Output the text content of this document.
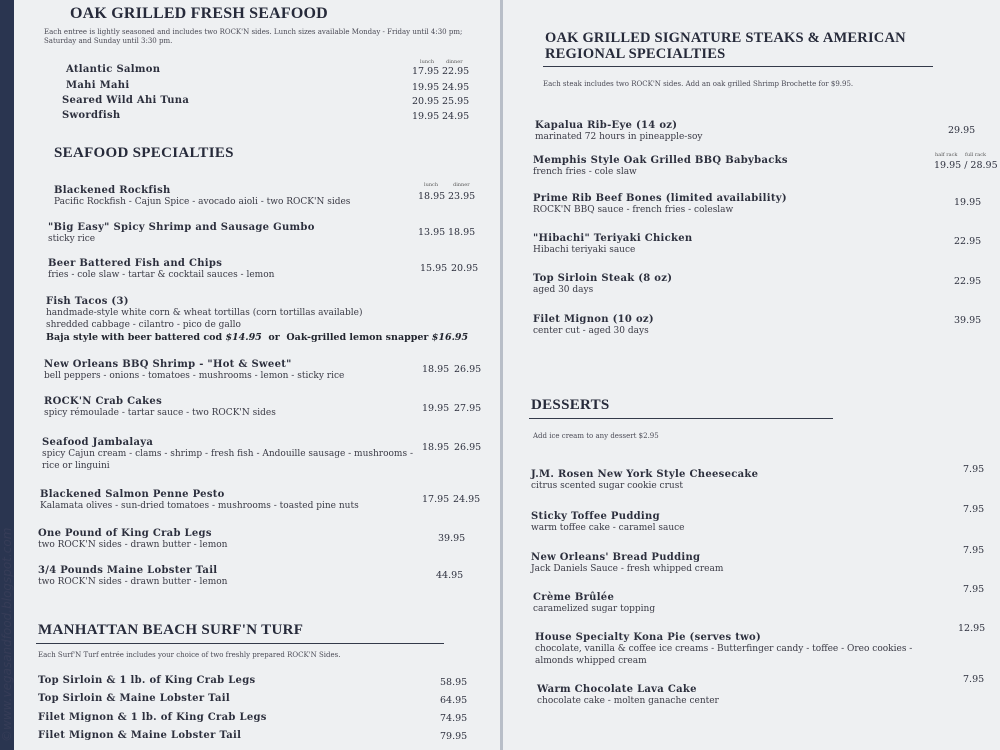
OAK GRILLED FRESH SEAFOOD
Each entree is lightly seasoned and includes two ROCK'N sides. Lunch sizes available Monday - Friday until 4:30 pm; Saturday and Sunday until 3:30 pm.
lunch dinner
Atlantic Salmon	17.95 22.95
Mahi Mahi	19.95 24.95
Seared Wild Ahi Tuna	20.95 25.95
Swordfish	19.95 24.95
SEAFOOD SPECIALTIES
lunch	dinner
Blackened Rockfish
Pacific Rockfish - Cajun Spice - avocado aioli - two ROCK'N sides	18.95 23.95
"Big Easy" Spicy Shrimp and Sausage Gumbo
sticky rice
13.95 18.95
Beer Battered Fish and Chips
fries - cole slaw - tartar & cocktail sauces - lemon
15.95 20.95
Fish Tacos (3)
handmade-style white corn & wheat tortillas (corn tortillas available)
shredded cabbage - cilantro - pico de gallo
Baja style with beer battered cod $14.95 or Oak-grilled lemon snapper $16.95
New Orleans BBQ Shrimp - "Hot & Sweet"
bell peppers - onions - tomatoes - mushrooms - lemon - sticky rice
18.95 26.95
ROCK'N Crab Cakes
spicy rémoulade - tartar sauce - two ROCK'N sides	19.95 27.95
Seafood Jambalaya
spicy Cajun cream - clams - shrimp - fresh fish - Andouille sausage - mushrooms -
rice or linguini
18.95 26.95
Blackened Salmon Penne Pesto
Kalamata olives - sun-dried tomatoes - mushrooms - toasted pine nuts
17.95 24.95
One Pound of King Crab Legs
two ROCK'N sides - drawn butter - lemon
39.95
3/4 Pounds Maine Lobster Tail
two ROCK'N sides - drawn butter - lemon
44.95
MANHATTAN BEACH SURF'N TURF
Each Surf'N Turf entrée includes your choice of two freshly prepared ROCK'N Sides.
Top Sirloin & 1 lb. of King Crab Legs	58.95
Top Sirloin & Maine Lobster Tail	64.95
Filet Mignon & 1 lb. of King Crab Legs	74.95
Filet Mignon & Maine Lobster Tail	79.95
©www.vegasandfood.blogspot.com
OAK GRILLED SIGNATURE STEAKS & AMERICAN
REGIONAL SPECIALTIES
Each steak includes two ROCK'N sides. Add an oak grilled Shrimp Brochette for $9.95.
Kapalua Rib-Eye (14 oz)
marinated 72 hours in pineapple-soy
29.95
Memphis Style Oak Grilled BBQ Babybacks
french fries - cole slaw
half rack full rack
19.95 / 28.95
Prime Rib Beef Bones (limited availability)
ROCK'N BBQ sauce - french fries - coleslaw
19.95
"Hibachi" Teriyaki Chicken
Hibachi teriyaki sauce
22.95
Top Sirloin Steak (8 oz)
aged 30 days
22.95
Filet Mignon (10 oz)
center cut - aged 30 days
39.95
DESSERTS
Add ice cream to any dessert $2.95
J.M. Rosen New York Style Cheesecake
citrus scented sugar cookie crust
7.95
Sticky Toffee Pudding
warm toffee cake - caramel sauce
7.95
New Orleans' Bread Pudding
Jack Daniels Sauce - fresh whipped cream
7.95
Crème Brûlée
caramelized sugar topping
7.95
House Specialty Kona Pie (serves two)
chocolate, vanilla & coffee ice creams - Butterfinger candy - toffee - Oreo cookies -
almonds whipped cream
12.95
Warm Chocolate Lava Cake
chocolate cake - molten ganache center
7.95
